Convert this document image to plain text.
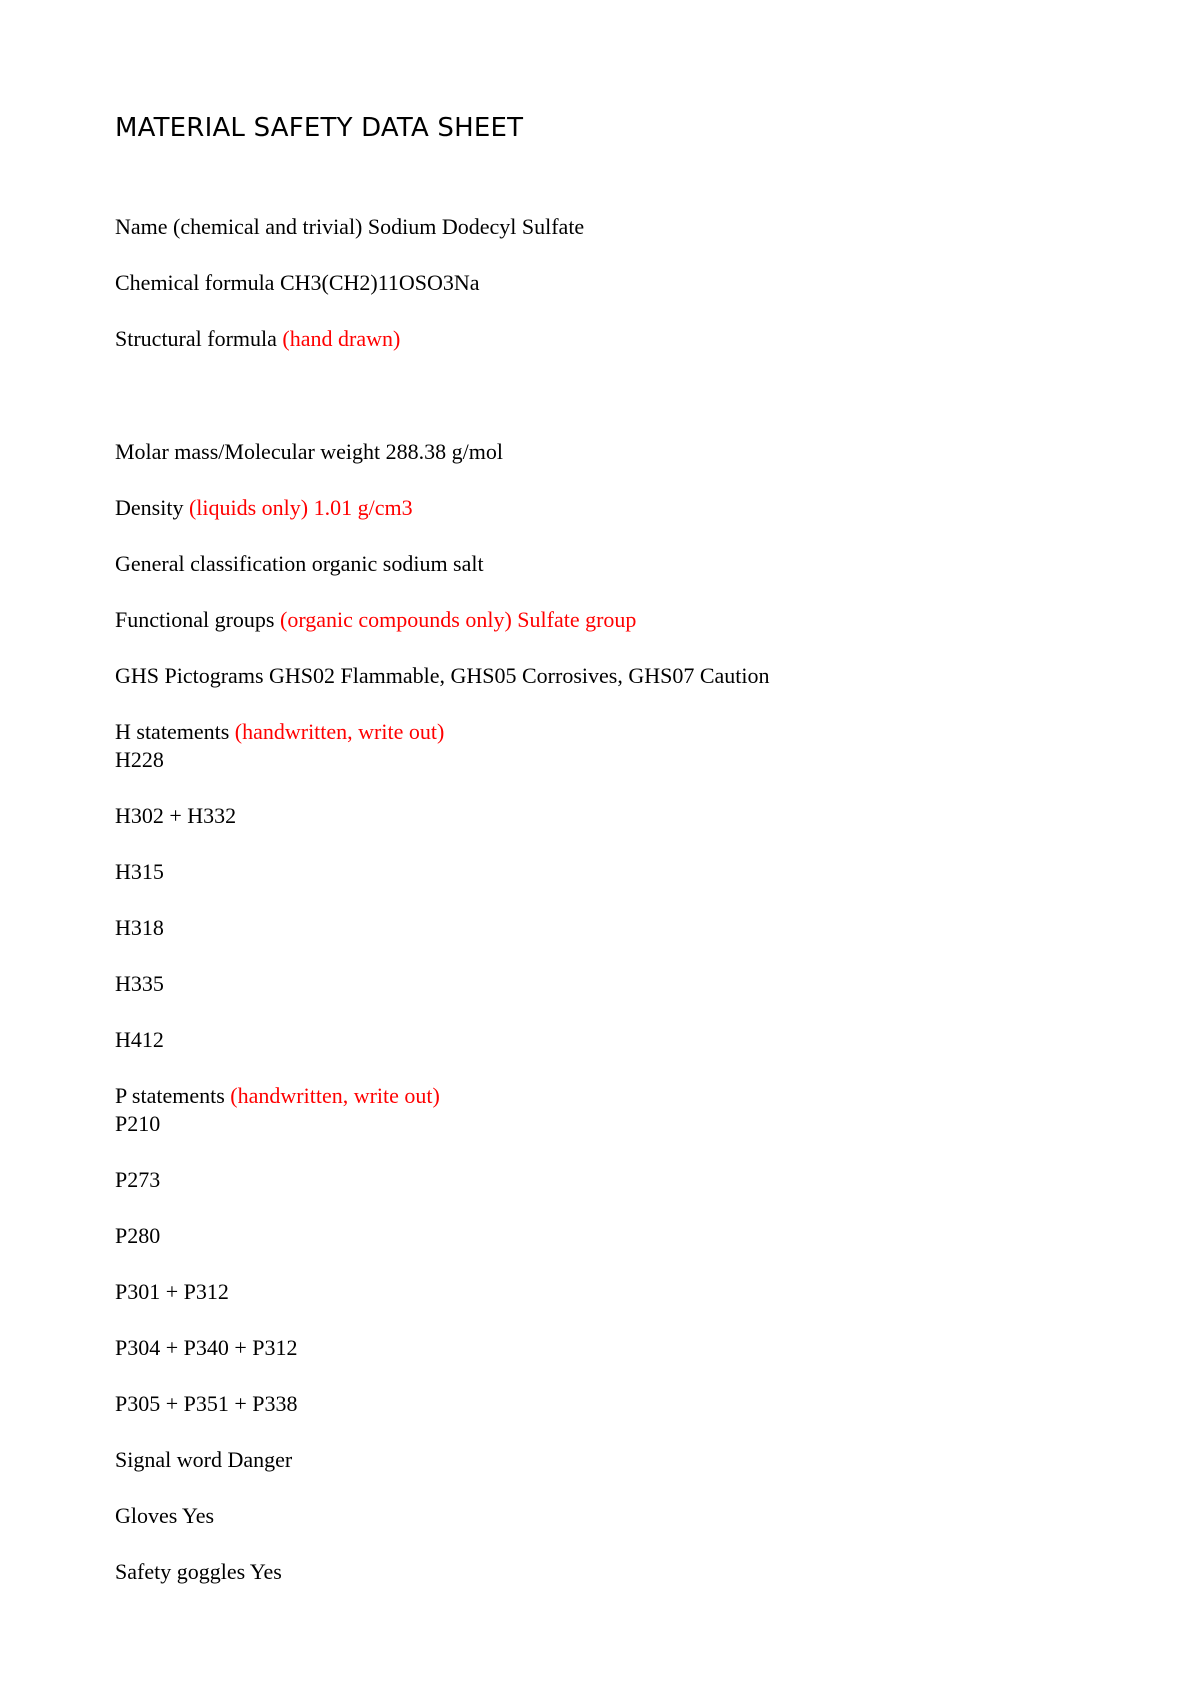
MATERIAL SAFETY DATA SHEET
Name (chemical and trivial) Sodium Dodecyl Sulfate
Chemical formula CH3(CH2)11OSO3Na
Structural formula (hand drawn)
Molar mass/Molecular weight 288.38 g/mol
Density (liquids only) 1.01 g/cm3
General classification organic sodium salt
Functional groups (organic compounds only) Sulfate group
GHS Pictograms GHS02 Flammable, GHS05 Corrosives, GHS07 Caution
H statements (handwritten, write out)
H228
H302 + H332
H315
H318
H335
H412
P statements (handwritten, write out)
P210
P273
P280
P301 + P312
P304 + P340 + P312
P305 + P351 + P338
Signal word Danger
Gloves Yes
Safety goggles Yes
